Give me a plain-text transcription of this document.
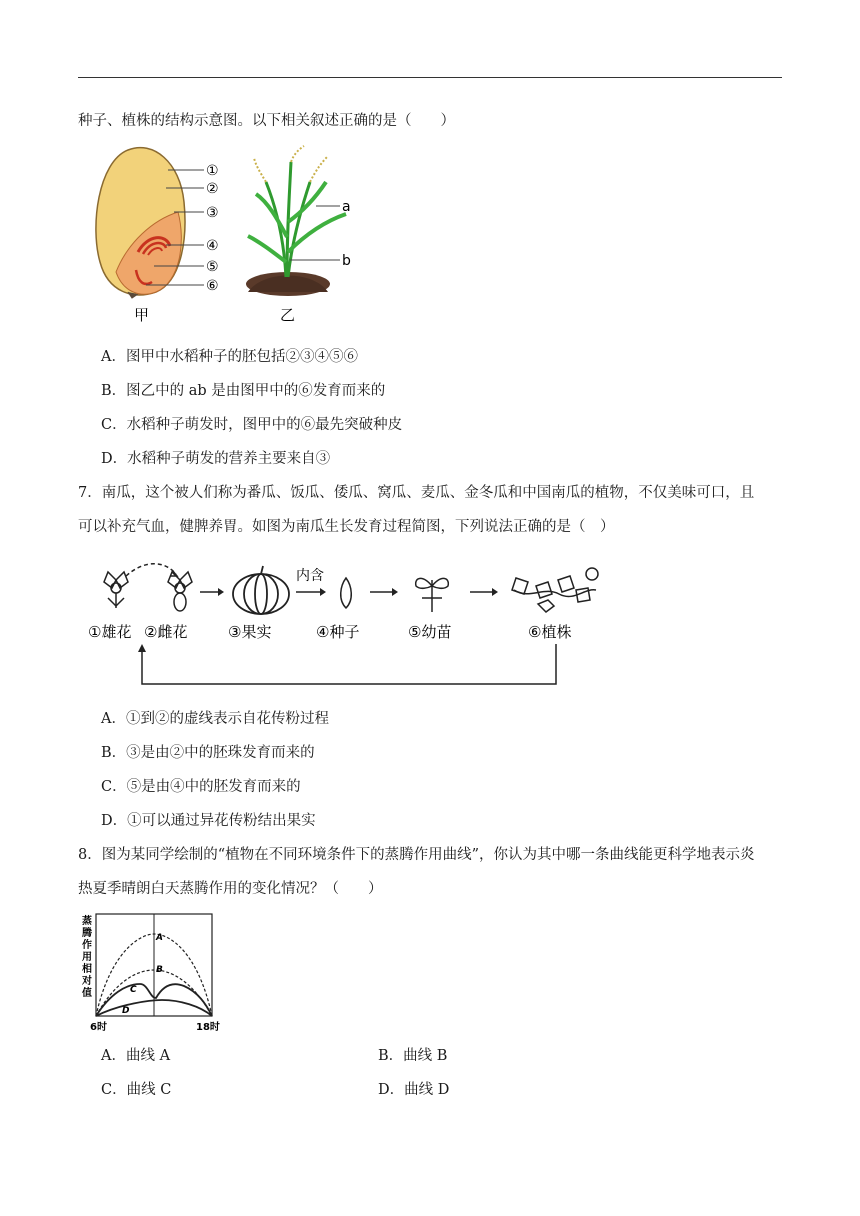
种子、植株的结构示意图。以下相关叙述正确的是（　　）
①
②
③
④
⑤
⑥
甲
a
b
乙
A．图甲中水稻种子的胚包括②③④⑤⑥
B．图乙中的 ab 是由图甲中的⑥发育而来的
C．水稻种子萌发时，图甲中的⑥最先突破种皮
D．水稻种子萌发的营养主要来自③
7．南瓜，这个被人们称为番瓜、饭瓜、倭瓜、窝瓜、麦瓜、金冬瓜和中国南瓜的植物，不仅美味可口，且
可以补充气血，健脾养胃。如图为南瓜生长发育过程简图，下列说法正确的是（　）
内含
①雄花 ②雌花	③果实	④种子	⑤幼苗	⑥植株
A．①到②的虚线表示自花传粉过程
B．③是由②中的胚珠发育而来的
C．⑤是由④中的胚发育而来的
D．①可以通过异花传粉结出果实
8．图为某同学绘制的“植物在不同环境条件下的蒸腾作用曲线”，你认为其中哪一条曲线能更科学地表示炎
热夏季晴朗白天蒸腾作用的变化情况？（　　）
蒸
腾
作
用
相
对
值
A
B
C
D
6时	18时
A．曲线 A	B．曲线 B
C．曲线 C	D．曲线 D
